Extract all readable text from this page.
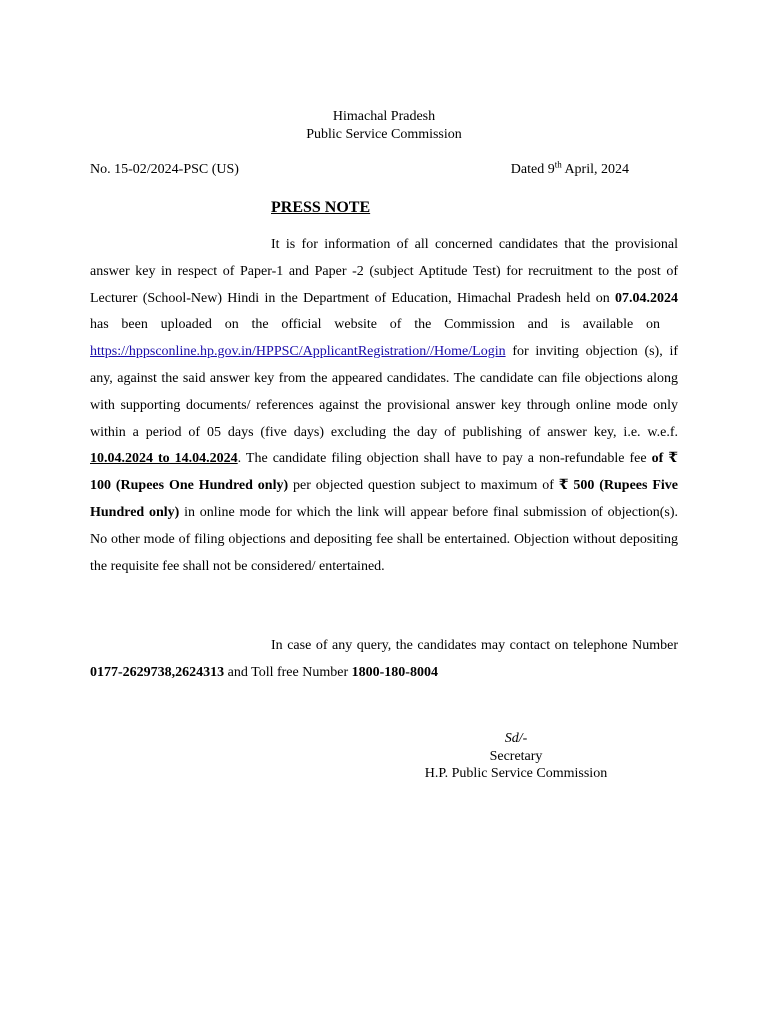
Himachal Pradesh
Public Service Commission
No. 15-02/2024-PSC (US)	Dated 9th April, 2024
PRESS NOTE
It is for information of all concerned candidates that the provisional answer key in respect of Paper-1 and Paper -2 (subject Aptitude Test) for recruitment to the post of Lecturer (School-New) Hindi in the Department of Education, Himachal Pradesh held on 07.04.2024 has been uploaded on the official website of the Commission and is available onhttps://hppsconline.hp.gov.in/HPPSC/ApplicantRegistration//Home/Login for inviting objection (s), if any, against the said answer key from the appeared candidates. The candidate can file objections along with supporting documents/ references against the provisional answer key through online mode only within a period of 05 days (five days) excluding the day of publishing of answer key, i.e. w.e.f. 10.04.2024 to 14.04.2024. The candidate filing objection shall have to pay a non-refundable fee of ₹ 100 (Rupees One Hundred only) per objected question subject to maximum of ₹ 500 (Rupees Five Hundred only) in online mode for which the link will appear before final submission of objection(s). No other mode of filing objections and depositing fee shall be entertained. Objection without depositing the requisite fee shall not be considered/ entertained.
In case of any query, the candidates may contact on telephone Number 0177-2629738,2624313 and Toll free Number 1800-180-8004
Sd/-
Secretary
H.P. Public Service Commission
